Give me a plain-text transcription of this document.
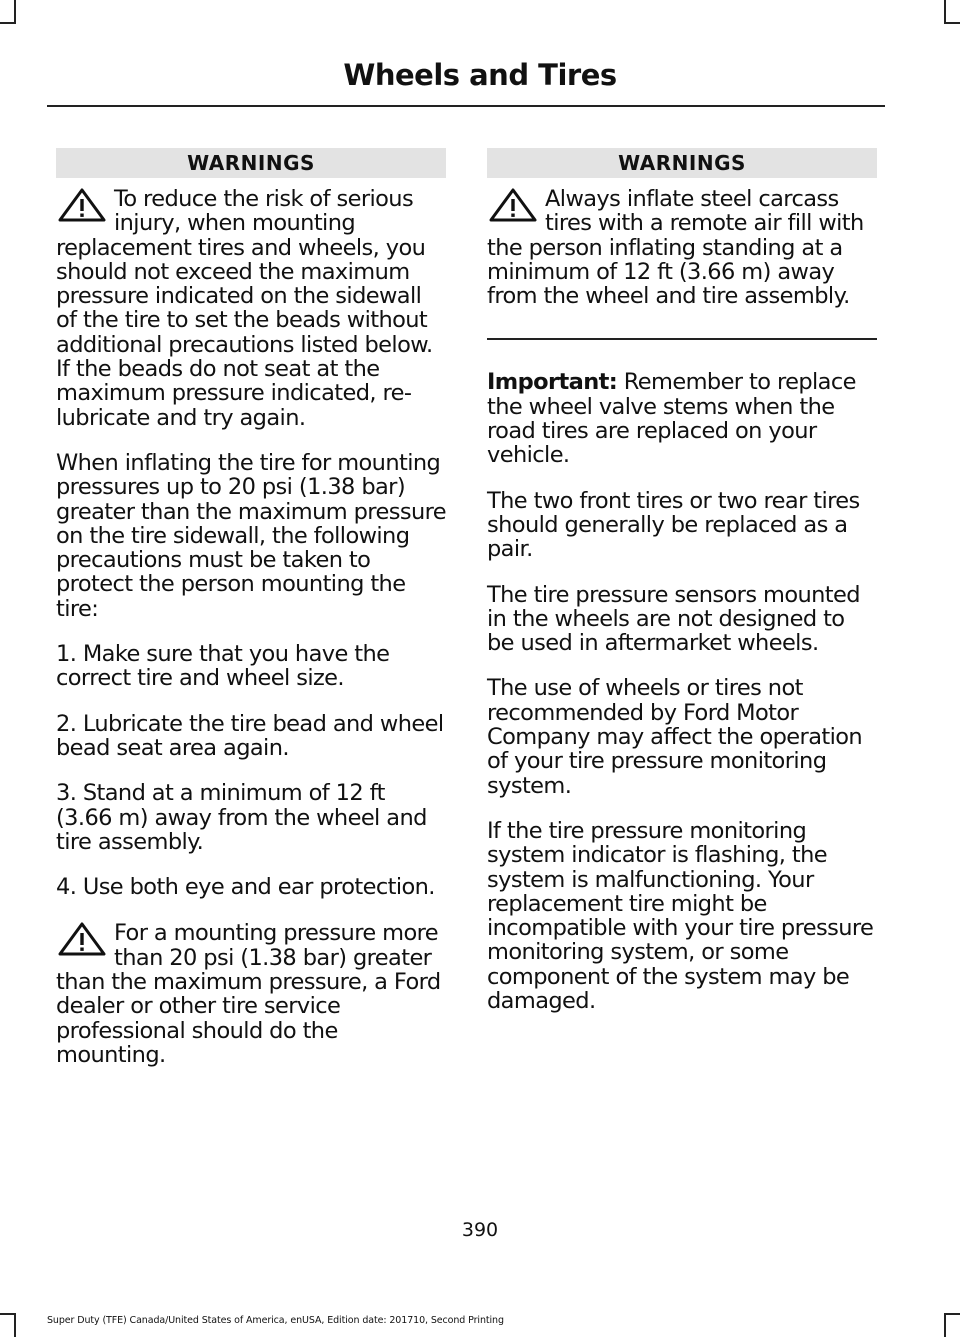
Wheels and Tires
WARNINGS
To reduce the risk of serious injury, when mounting replacement tires and wheels, you should not exceed the maximum pressure indicated on the sidewall of the tire to set the beads without additional precautions listed below. If the beads do not seat at the maximum pressure indicated, re-lubricate and try again.

When inflating the tire for mounting pressures up to 20 psi (1.38 bar) greater than the maximum pressure on the tire sidewall, the following precautions must be taken to protect the person mounting the tire:

1. Make sure that you have the correct tire and wheel size.

2. Lubricate the tire bead and wheel bead seat area again.

3. Stand at a minimum of 12 ft (3.66 m) away from the wheel and tire assembly.

4. Use both eye and ear protection.

For a mounting pressure more than 20 psi (1.38 bar) greater than the maximum pressure, a Ford dealer or other tire service professional should do the mounting.
WARNINGS
Always inflate steel carcass tires with a remote air fill with the person inflating standing at a minimum of 12 ft (3.66 m) away from the wheel and tire assembly.

Important: Remember to replace the wheel valve stems when the road tires are replaced on your vehicle.

The two front tires or two rear tires should generally be replaced as a pair.

The tire pressure sensors mounted in the wheels are not designed to be used in aftermarket wheels.

The use of wheels or tires not recommended by Ford Motor Company may affect the operation of your tire pressure monitoring system.

If the tire pressure monitoring system indicator is flashing, the system is malfunctioning. Your replacement tire might be incompatible with your tire pressure monitoring system, or some component of the system may be damaged.

390
Super Duty (TFE) Canada/United States of America, enUSA, Edition date: 201710, Second Printing
